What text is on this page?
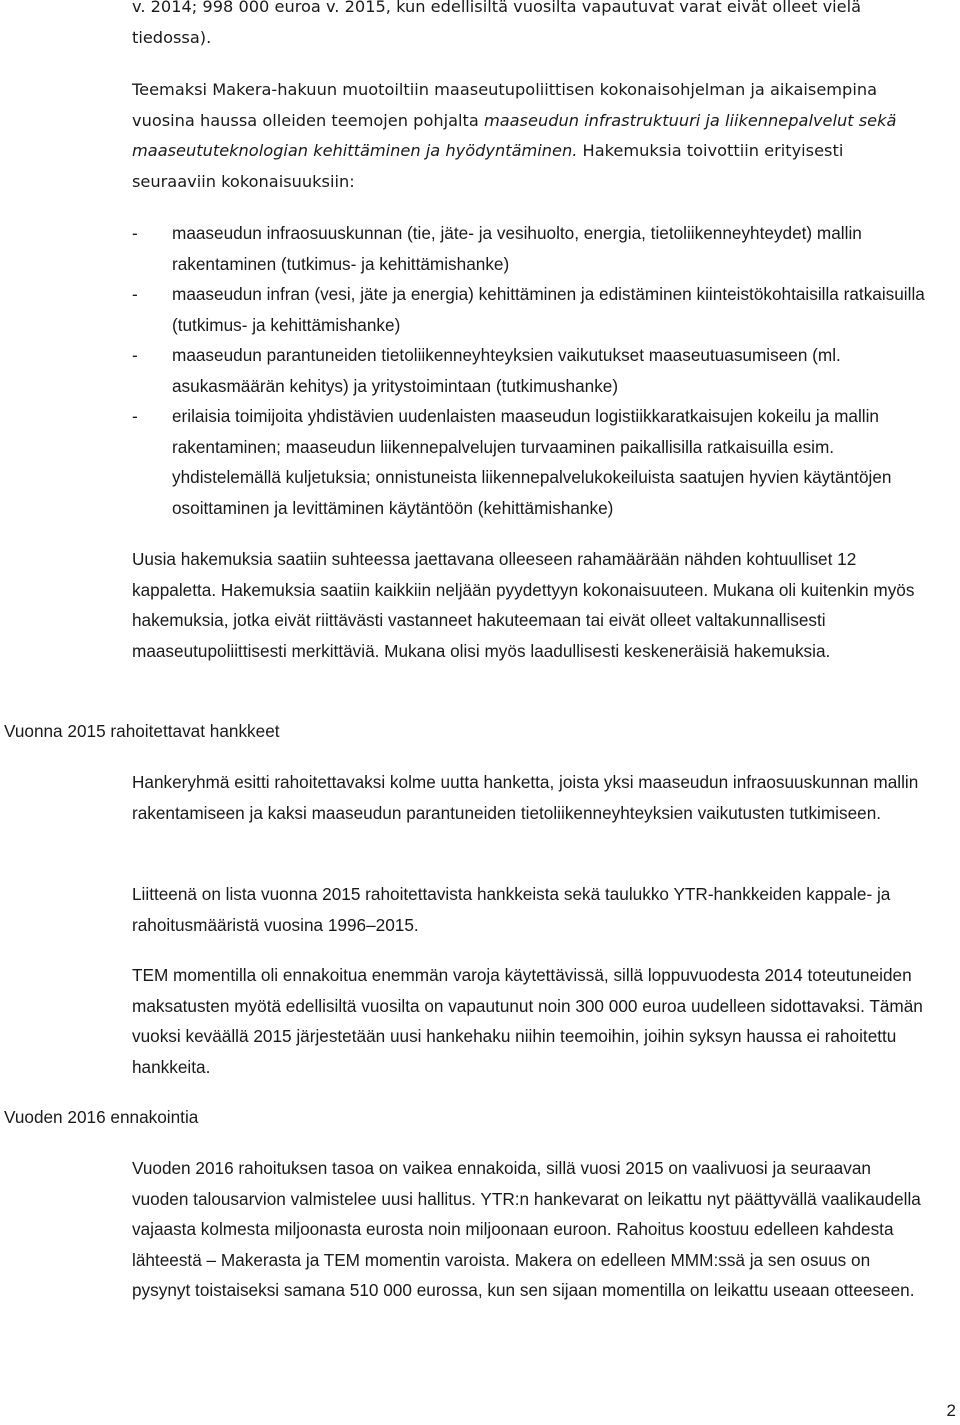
v. 2014; 998 000 euroa v. 2015, kun edellisiltä vuosilta vapautuvat varat eivät olleet vielä
tiedossa).

Teemaksi Makera-hakuun muotoiltiin maaseutupoliittisen kokonaisohjelman ja aikaisempina vuosina haussa olleiden teemojen pohjalta maaseudun infrastruktuuri ja liikennepalvelut sekä maaseututeknologian kehittäminen ja hyödyntäminen. Hakemuksia toivottiin erityisesti seuraaviin kokonaisuuksiin:

- maaseudun infraosuuskunnan (tie, jäte- ja vesihuolto, energia, tietoliikenneyhteydet) mallin rakentaminen (tutkimus- ja kehittämishanke)
- maaseudun infran (vesi, jäte ja energia) kehittäminen ja edistäminen kiinteistökohtaisilla ratkaisuilla (tutkimus- ja kehittämishanke)
- maaseudun parantuneiden tietoliikenneyhteyksien vaikutukset maaseutuasumiseen (ml. asukasmäärän kehitys) ja yritystoimintaan (tutkimushanke)
- erilaisia toimijoita yhdistävien uudenlaisten maaseudun logistiikkaratkaisujen kokeilu ja mallin rakentaminen; maaseudun liikennepalvelujen turvaaminen paikallisilla ratkaisuilla esim. yhdistelemällä kuljetuksia; onnistuneista liikennepalvelukokeiluista saatujen hyvien käytäntöjen osoittaminen ja levittäminen käytäntöön (kehittämishanke)

Uusia hakemuksia saatiin suhteessa jaettavana olleeseen rahamäärään nähden kohtuulliset 12 kappaletta. Hakemuksia saatiin kaikkiin neljään pyydettyyn kokonaisuuteen. Mukana oli kuitenkin myös hakemuksia, jotka eivät riittävästi vastanneet hakuteemaan tai eivät olleet valtakunnallisesti maaseutupoliittisesti merkittäviä. Mukana olisi myös laadullisesti keskeneräisiä hakemuksia.

Vuonna 2015 rahoitettavat hankkeet

Hankeryhmä esitti rahoitettavaksi kolme uutta hanketta, joista yksi maaseudun infraosuuskunnan mallin rakentamiseen ja kaksi maaseudun parantuneiden tietoliikenneyhteyksien vaikutusten tutkimiseen.

Liitteenä on lista vuonna 2015 rahoitettavista hankkeista sekä taulukko YTR-hankkeiden kappale- ja rahoitusmääristä vuosina 1996–2015.

TEM momentilla oli ennakoitua enemmän varoja käytettävissä, sillä loppuvuodesta 2014 toteutuneiden maksatusten myötä edellisiltä vuosilta on vapautunut noin 300 000 euroa uudelleen sidottavaksi. Tämän vuoksi keväällä 2015 järjestetään uusi hankehaku niihin teemoihin, joihin syksyn haussa ei rahoitettu hankkeita.

Vuoden 2016 ennakointia

Vuoden 2016 rahoituksen tasoa on vaikea ennakoida, sillä vuosi 2015 on vaalivuosi ja seuraavan vuoden talousarvion valmistelee uusi hallitus. YTR:n hankevarat on leikattu nyt päättyvällä vaalikaudella vajaasta kolmesta miljoonasta eurosta noin miljoonaan euroon. Rahoitus koostuu edelleen kahdesta lähteestä – Makerasta ja TEM momentin varoista. Makera on edelleen MMM:ssä ja sen osuus on pysynyt toistaiseksi samana 510 000 eurossa, kun sen sijaan momentilla on leikattu useaan otteeseen.

2
